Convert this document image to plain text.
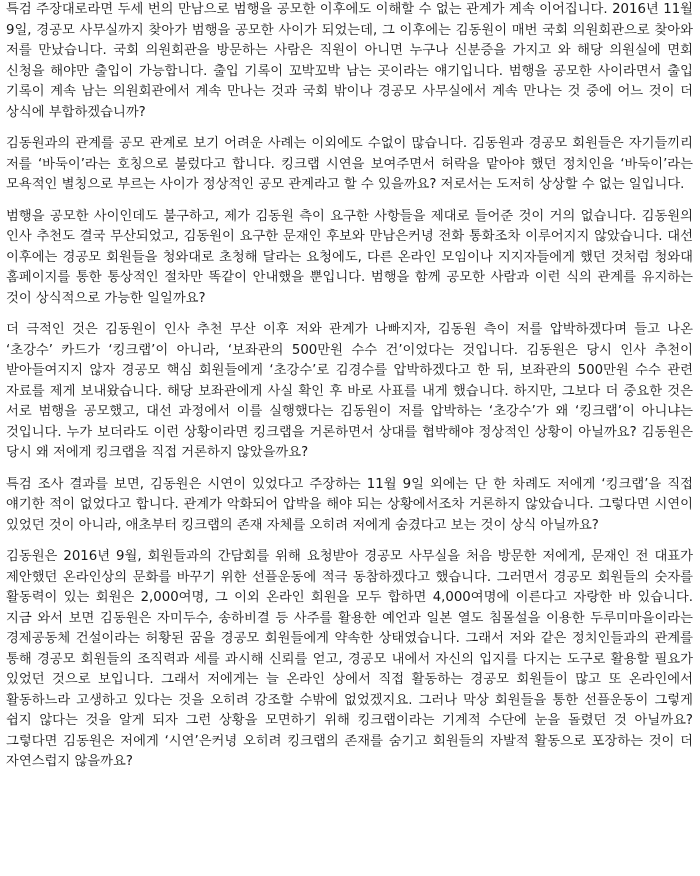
특검 주장대로라면 두세 번의 만남으로 범행을 공모한 이후에도 이해할 수 없는 관계가 계속 이어집니다. 2016년 11월 9일, 경공모 사무실까지 찾아가 범행을 공모한 사이가 되었는데, 그 이후에는 김동원이 매번 국회 의원회관으로 찾아와 저를 만났습니다. 국회 의원회관을 방문하는 사람은 직원이 아니면 누구나 신분증을 가지고 와 해당 의원실에 면회 신청을 해야만 출입이 가능합니다. 출입 기록이 꼬박꼬박 남는 곳이라는 얘기입니다. 범행을 공모한 사이라면서 출입 기록이 계속 남는 의원회관에서 계속 만나는 것과 국회 밖이나 경공모 사무실에서 계속 만나는 것 중에 어느 것이 더 상식에 부합하겠습니까?

김동원과의 관계를 공모 관계로 보기 어려운 사례는 이외에도 수없이 많습니다. 김동원과 경공모 회원들은 자기들끼리 저를 ‘바둑이’라는 호칭으로 불렀다고 합니다. 킹크랩 시연을 보여주면서 허락을 맡아야 했던 정치인을 ‘바둑이’라는 모욕적인 별칭으로 부르는 사이가 정상적인 공모 관계라고 할 수 있을까요? 저로서는 도저히 상상할 수 없는 일입니다.

범행을 공모한 사이인데도 불구하고, 제가 김동원 측이 요구한 사항들을 제대로 들어준 것이 거의 없습니다. 김동원의 인사 추천도 결국 무산되었고, 김동원이 요구한 문재인 후보와 만남은커녕 전화 통화조차 이루어지지 않았습니다. 대선 이후에는 경공모 회원들을 청와대로 초청해 달라는 요청에도, 다른 온라인 모임이나 지지자들에게 했던 것처럼 청와대 홈페이지를 통한 통상적인 절차만 똑같이 안내했을 뿐입니다. 범행을 함께 공모한 사람과 이런 식의 관계를 유지하는 것이 상식적으로 가능한 일일까요?

더 극적인 것은 김동원이 인사 추천 무산 이후 저와 관계가 나빠지자, 김동원 측이 저를 압박하겠다며 들고 나온 ‘초강수’ 카드가 ‘킹크랩’이 아니라, ‘보좌관의 500만원 수수 건’이었다는 것입니다. 김동원은 당시 인사 추천이 받아들여지지 않자 경공모 핵심 회원들에게 ‘초강수’로 김경수를 압박하겠다고 한 뒤, 보좌관의 500만원 수수 관련 자료를 제게 보내왔습니다. 해당 보좌관에게 사실 확인 후 바로 사표를 내게 했습니다. 하지만, 그보다 더 중요한 것은 서로 범행을 공모했고, 대선 과정에서 이를 실행했다는 김동원이 저를 압박하는 ‘초강수’가 왜 ‘킹크랩’이 아니냐는 것입니다. 누가 보더라도 이런 상황이라면 킹크랩을 거론하면서 상대를 협박해야 정상적인 상황이 아닐까요? 김동원은 당시 왜 저에게 킹크랩을 직접 거론하지 않았을까요?

특검 조사 결과를 보면, 김동원은 시연이 있었다고 주장하는 11월 9일 외에는 단 한 차례도 저에게 ‘킹크랩’을 직접 얘기한 적이 없었다고 합니다. 관계가 악화되어 압박을 해야 되는 상황에서조차 거론하지 않았습니다. 그렇다면 시연이 있었던 것이 아니라, 애초부터 킹크랩의 존재 자체를 오히려 저에게 숨겼다고 보는 것이 상식 아닐까요?

김동원은 2016년 9월, 회원들과의 간담회를 위해 요청받아 경공모 사무실을 처음 방문한 저에게, 문재인 전 대표가 제안했던 온라인상의 문화를 바꾸기 위한 선플운동에 적극 동참하겠다고 했습니다. 그러면서 경공모 회원들의 숫자를 활동력이 있는 회원은 2,000여명, 그 이외 온라인 회원을 모두 합하면 4,000여명에 이른다고 자랑한 바 있습니다. 지금 와서 보면 김동원은 자미두수, 송하비결 등 사주를 활용한 예언과 일본 열도 침몰설을 이용한 두루미마을이라는 경제공동체 건설이라는 허황된 꿈을 경공모 회원들에게 약속한 상태였습니다. 그래서 저와 같은 정치인들과의 관계를 통해 경공모 회원들의 조직력과 세를 과시해 신뢰를 얻고, 경공모 내에서 자신의 입지를 다지는 도구로 활용할 필요가 있었던 것으로 보입니다. 그래서 저에게는 늘 온라인 상에서 직접 활동하는 경공모 회원들이 많고 또 온라인에서 활동하느라 고생하고 있다는 것을 오히려 강조할 수밖에 없었겠지요. 그러나 막상 회원들을 통한 선플운동이 그렇게 쉽지 않다는 것을 알게 되자 그런 상황을 모면하기 위해 킹크랩이라는 기계적 수단에 눈을 돌렸던 것 아닐까요? 그렇다면 김동원은 저에게 ‘시연’은커녕 오히려 킹크랩의 존재를 숨기고 회원들의 자발적 활동으로 포장하는 것이 더 자연스럽지 않을까요?
